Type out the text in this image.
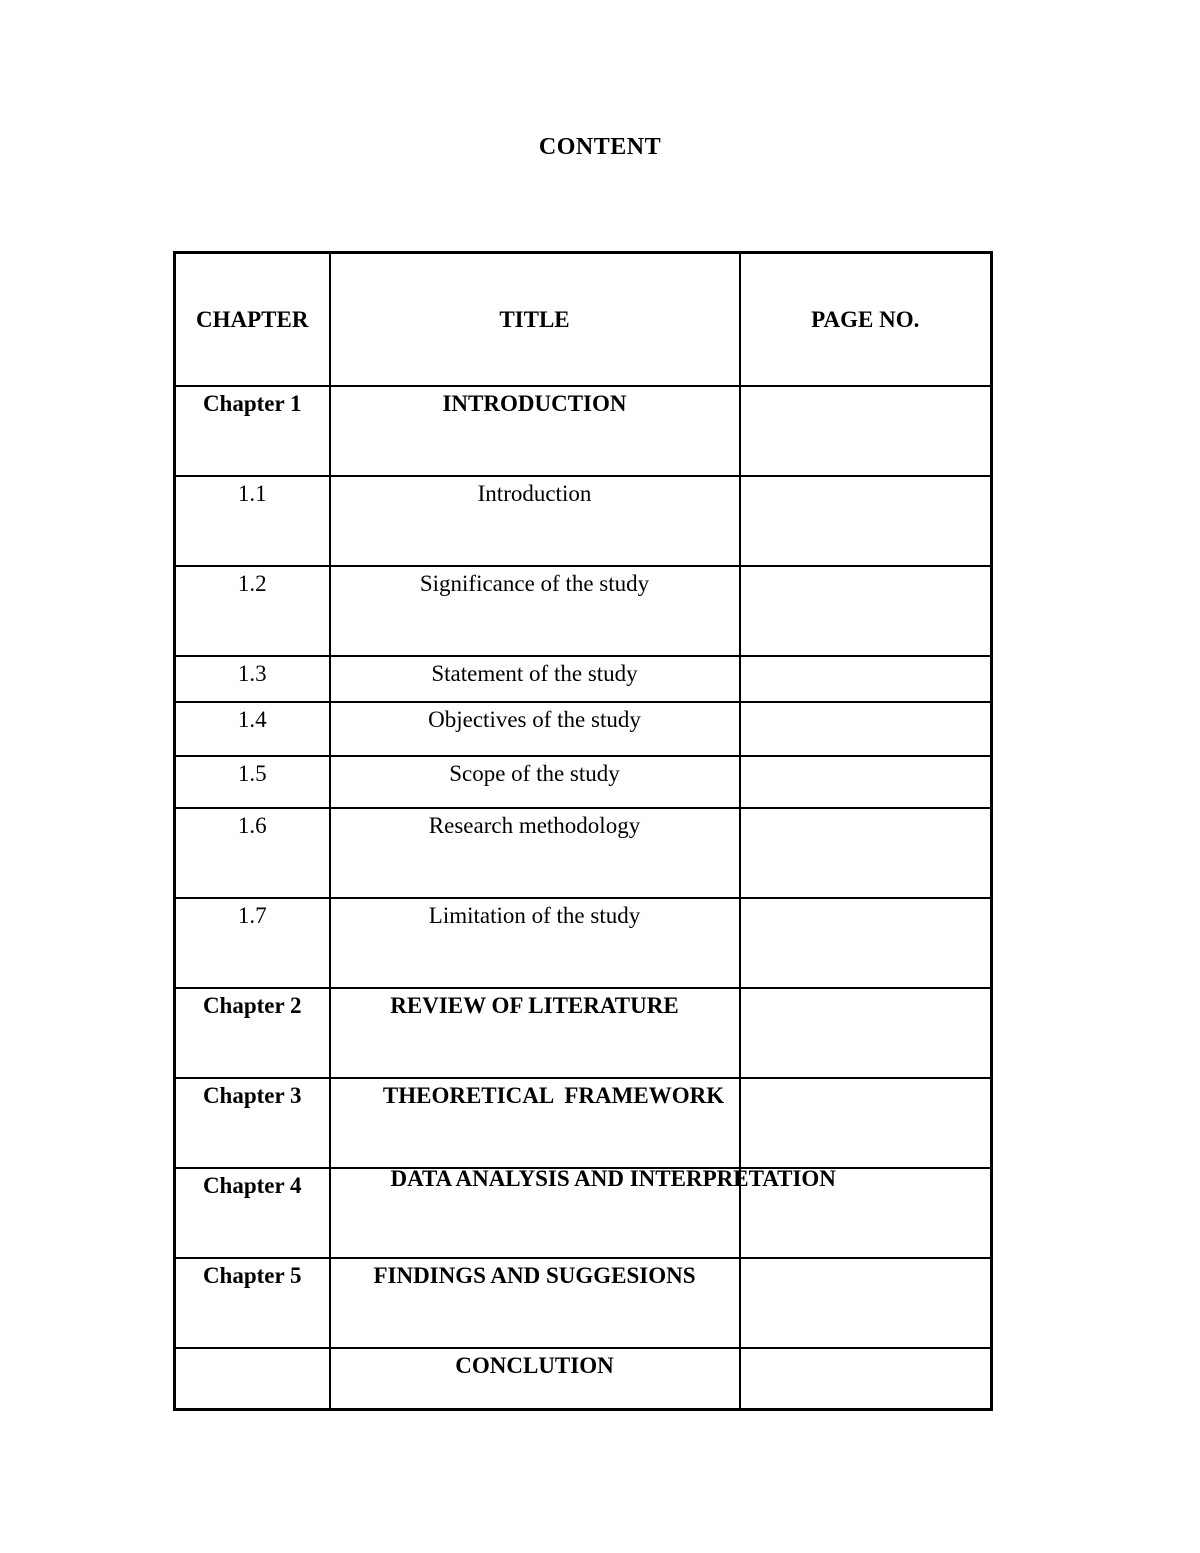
CONTENT
CHAPTER	TITLE	PAGE NO.

Chapter 1	INTRODUCTION	

1.1	Introduction	

1.2	Significance of the study	

1.3	Statement of the study	

1.4	Objectives of the study	

1.5	Scope of the study	

1.6	Research methodology	

1.7	Limitation of the study	

Chapter 2	REVIEW OF LITERATURE	

Chapter 3	THEORETICAL  FRAMEWORK	

Chapter 4	DATA ANALYSIS AND INTERPRETATION	

Chapter 5	FINDINGS AND SUGGESIONS	

	CONCLUTION	
